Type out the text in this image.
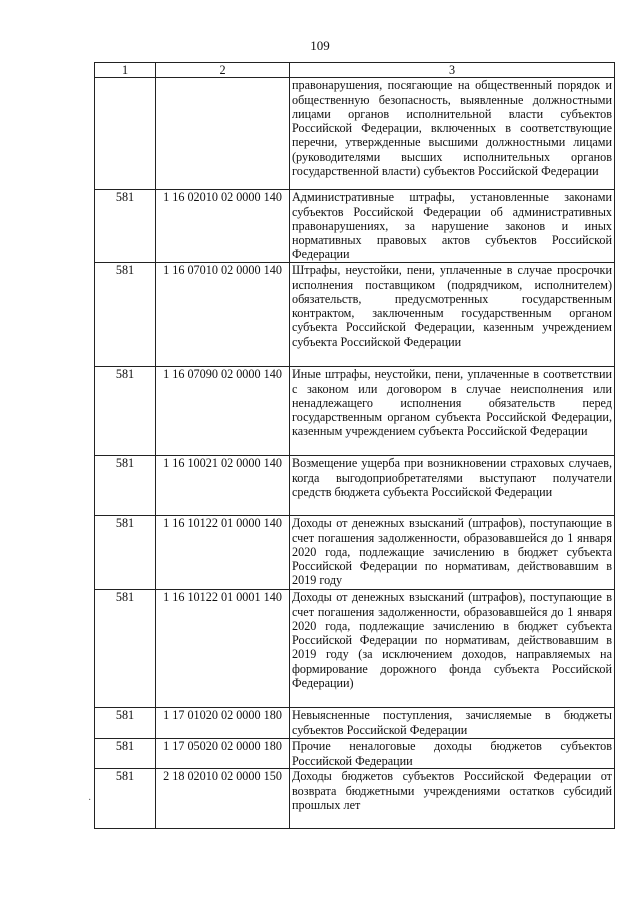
109
1	2	3
		правонарушения, посягающие на общественный порядок и общественную безопасность, выявленные должностными лицами органов исполнительной власти субъектов Российской Федерации, включенных в соответствующие перечни, утвержденные высшими должностными лицами (руководителями высших исполнительных органов государственной власти) субъектов Российской Федерации
581	1 16 02010 02 0000 140	Административные штрафы, установленные законами субъектов Российской Федерации об административных правонарушениях, за нарушение законов и иных нормативных правовых актов субъектов Российской Федерации
581	1 16 07010 02 0000 140	Штрафы, неустойки, пени, уплаченные в случае просрочки исполнения поставщиком (подрядчиком, исполнителем) обязательств, предусмотренных государственным контрактом, заключенным государственным органом субъекта Российской Федерации, казенным учреждением субъекта Российской Федерации
581	1 16 07090 02 0000 140	Иные штрафы, неустойки, пени, уплаченные в соответствии с законом или договором в случае неисполнения или ненадлежащего исполнения обязательств перед государственным органом субъекта Российской Федерации, казенным учреждением субъекта Российской Федерации
581	1 16 10021 02 0000 140	Возмещение ущерба при возникновении страховых случаев, когда выгодоприобретателями выступают получатели средств бюджета субъекта Российской Федерации
581	1 16 10122 01 0000 140	Доходы от денежных взысканий (штрафов), поступающие в счет погашения задолженности, образовавшейся до 1 января 2020 года, подлежащие зачислению в бюджет субъекта Российской Федерации по нормативам, действовавшим в 2019 году
581	1 16 10122 01 0001 140	Доходы от денежных взысканий (штрафов), поступающие в счет погашения задолженности, образовавшейся до 1 января 2020 года, подлежащие зачислению в бюджет субъекта Российской Федерации по нормативам, действовавшим в 2019 году (за исключением доходов, направляемых на формирование дорожного фонда субъекта Российской Федерации)
581	1 17 01020 02 0000 180	Невыясненные поступления, зачисляемые в бюджеты субъектов Российской Федерации
581	1 17 05020 02 0000 180	Прочие неналоговые доходы бюджетов субъектов Российской Федерации
581	2 18 02010 02 0000 150	Доходы бюджетов субъектов Российской Федерации от возврата бюджетными учреждениями остатков субсидий прошлых лет
·
